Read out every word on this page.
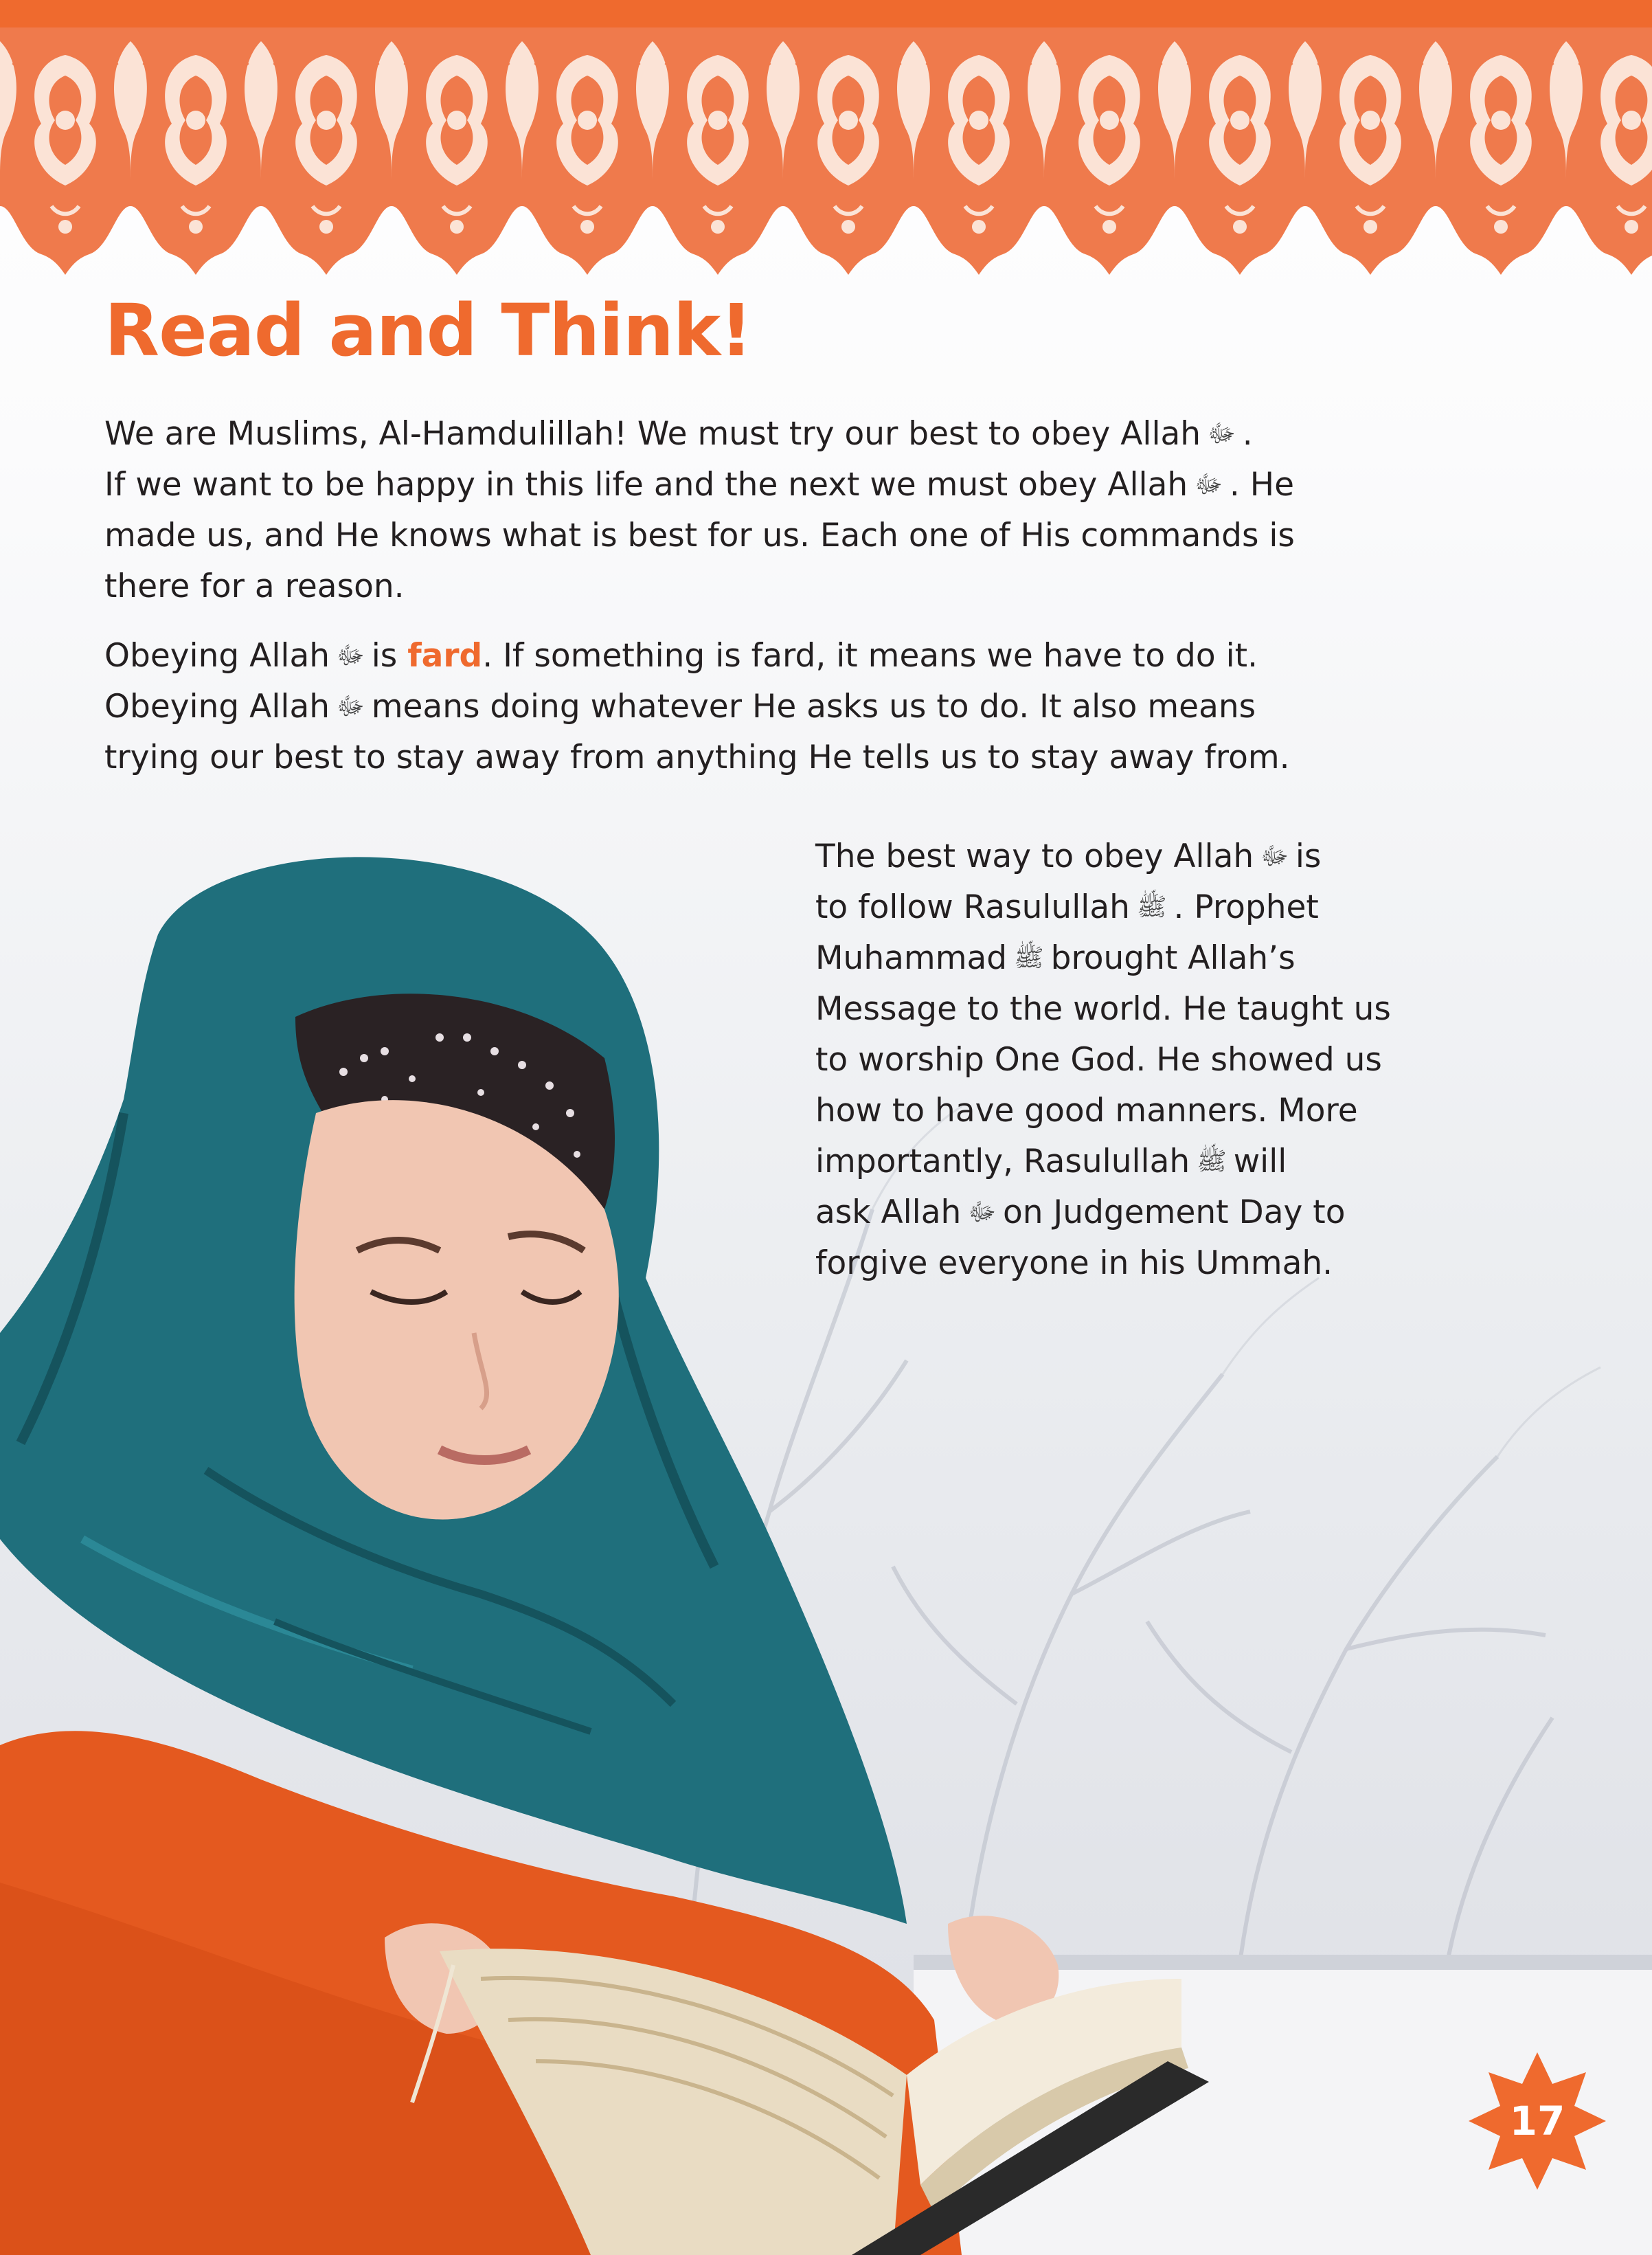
Read and Think!

We are Muslims, Al-Hamdulillah! We must try our best to obey Allah ﷻ .

If we want to be happy in this life and the next we must obey Allah ﷻ . He

made us, and He knows what is best for us. Each one of His commands is

there for a reason.

Obeying Allah ﷻ is fard. If something is fard, it means we have to do it.

Obeying Allah ﷻ means doing whatever He asks us to do. It also means

trying our best to stay away from anything He tells us to stay away from.

The best way to obey Allah ﷻ is

to follow Rasulullah ﷺ . Prophet

Muhammad ﷺ brought Allah’s

Message to the world. He taught us

to worship One God. He showed us

how to have good manners. More

importantly, Rasulullah ﷺ will

ask Allah ﷻ on Judgement Day to

forgive everyone in his Ummah.

17
